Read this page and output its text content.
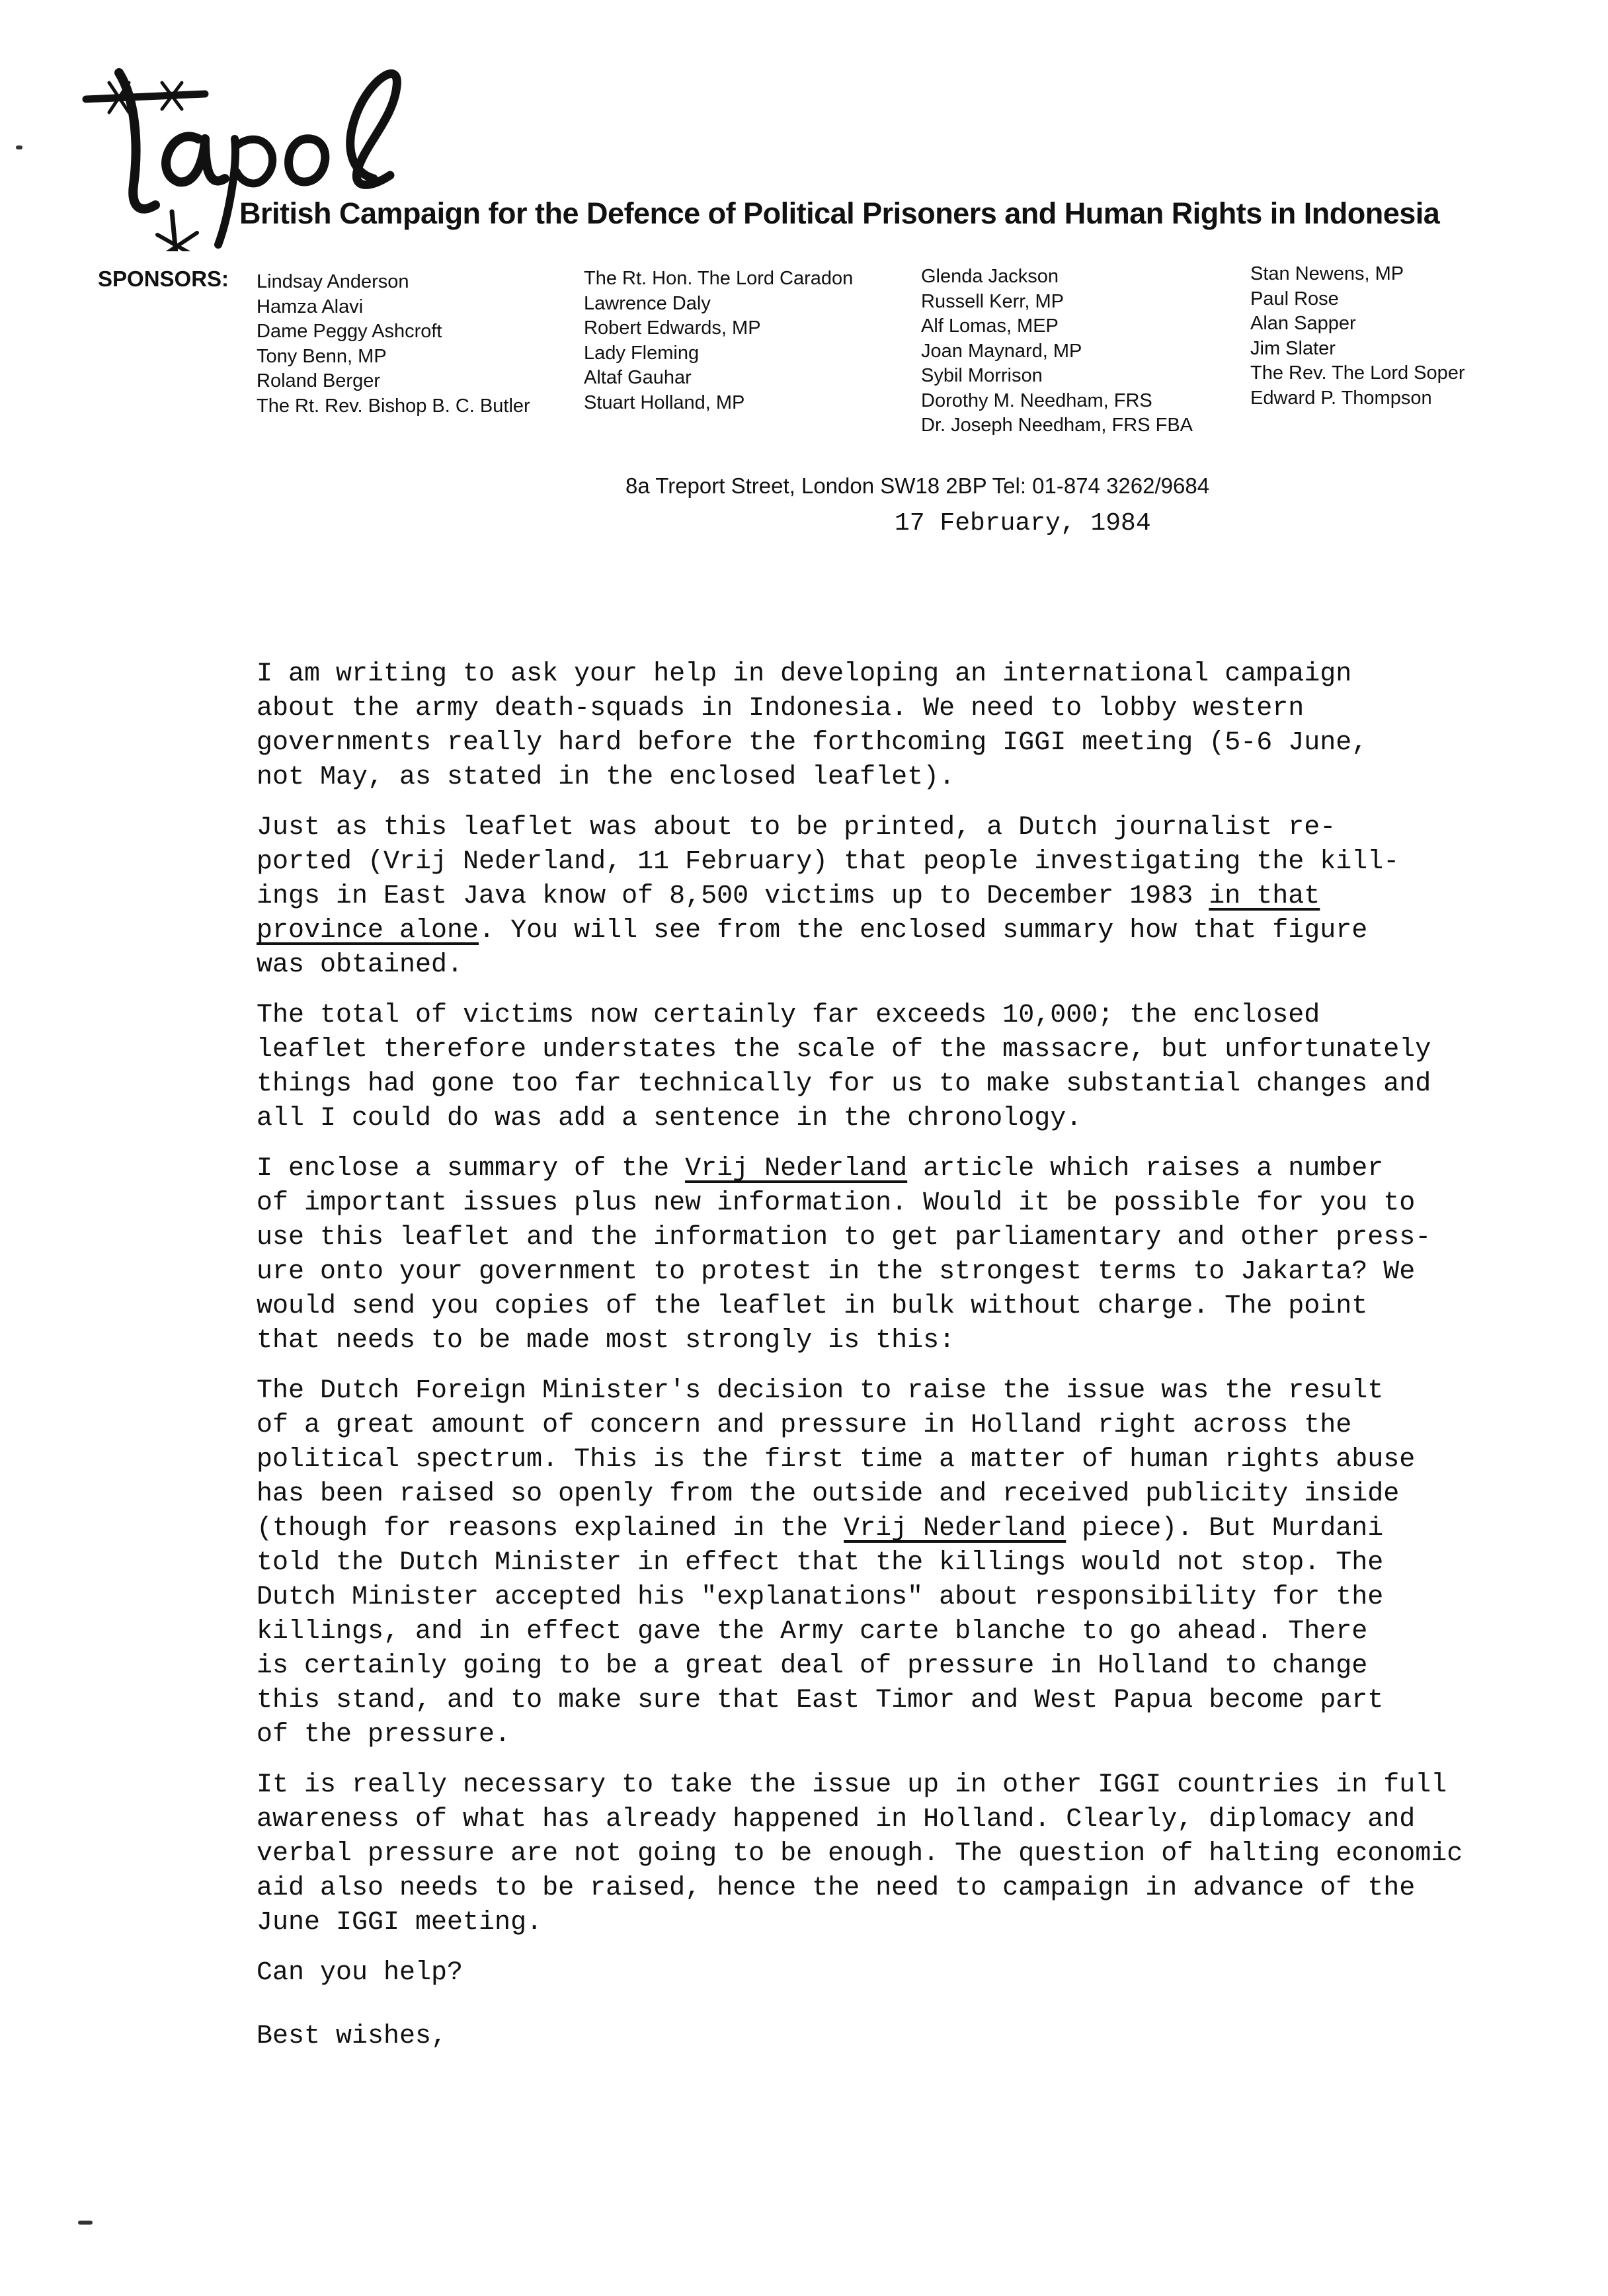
British Campaign for the Defence of Political Prisoners and Human Rights in Indonesia
SPONSORS: Lindsay Anderson
Hamza Alavi
Dame Peggy Ashcroft
Tony Benn, MP
Roland Berger
The Rt. Rev. Bishop B. C. Butler
The Rt. Hon. The Lord Caradon
Lawrence Daly
Robert Edwards, MP
Lady Fleming
Altaf Gauhar
Stuart Holland, MP
Glenda Jackson
Russell Kerr, MP
Alf Lomas, MEP
Joan Maynard, MP
Sybil Morrison
Dorothy M. Needham, FRS
Dr. Joseph Needham, FRS FBA
Stan Newens, MP
Paul Rose
Alan Sapper
Jim Slater
The Rev. The Lord Soper
Edward P. Thompson
8a Treport Street, London SW18 2BP Tel: 01-874 3262/9684
17 February, 1984
I am writing to ask your help in developing an international campaign
about the army death-squads in Indonesia. We need to lobby western
governments really hard before the forthcoming IGGI meeting (5-6 June,
not May, as stated in the enclosed leaflet).
Just as this leaflet was about to be printed, a Dutch journalist re-
ported (Vrij Nederland, 11 February) that people investigating the kill-
ings in East Java know of 8,500 victims up to December 1983 in that
province alone. You will see from the enclosed summary how that figure
was obtained.
The total of victims now certainly far exceeds 10,000; the enclosed
leaflet therefore understates the scale of the massacre, but unfortunately
things had gone too far technically for us to make substantial changes and
all I could do was add a sentence in the chronology.
I enclose a summary of the Vrij Nederland article which raises a number
of important issues plus new information. Would it be possible for you to
use this leaflet and the information to get parliamentary and other press-
ure onto your government to protest in the strongest terms to Jakarta? We
would send you copies of the leaflet in bulk without charge. The point
that needs to be made most strongly is this:
The Dutch Foreign Minister's decision to raise the issue was the result
of a great amount of concern and pressure in Holland right across the
political spectrum. This is the first time a matter of human rights abuse
has been raised so openly from the outside and received publicity inside
(though for reasons explained in the Vrij Nederland piece). But Murdani
told the Dutch Minister in effect that the killings would not stop. The
Dutch Minister accepted his "explanations" about responsibility for the
killings, and in effect gave the Army carte blanche to go ahead. There
is certainly going to be a great deal of pressure in Holland to change
this stand, and to make sure that East Timor and West Papua become part
of the pressure.
It is really necessary to take the issue up in other IGGI countries in full
awareness of what has already happened in Holland. Clearly, diplomacy and
verbal pressure are not going to be enough. The question of halting economic
aid also needs to be raised, hence the need to campaign in advance of the
June IGGI meeting.
Can you help?
Best wishes,
